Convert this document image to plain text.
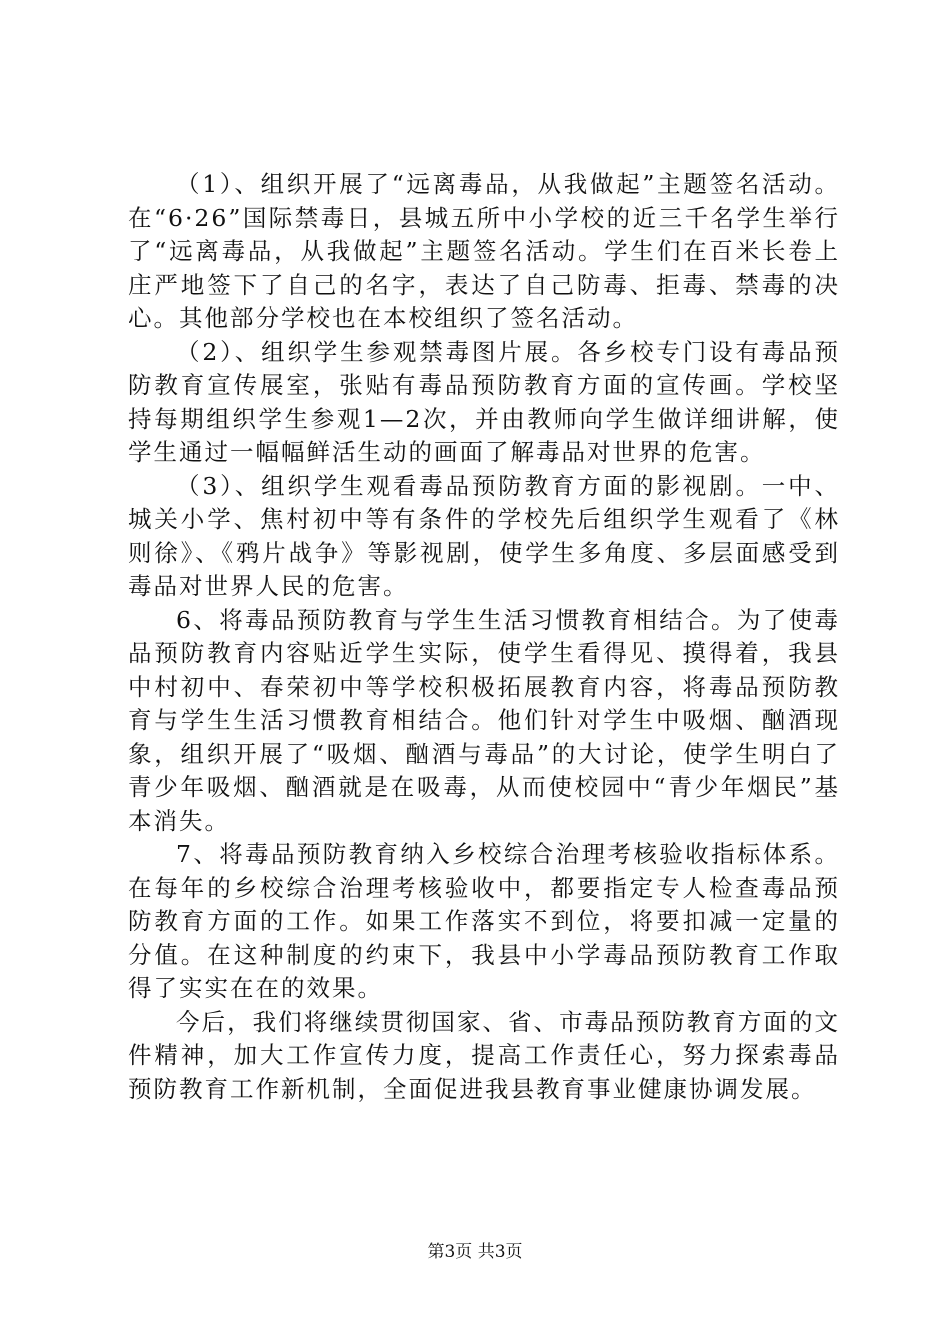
（1）、组织开展了“远离毒品，从我做起”主题签名活动。在“6·26”国际禁毒日，县城五所中小学校的近三千名学生举行了“远离毒品，从我做起”主题签名活动。学生们在百米长卷上庄严地签下了自己的名字，表达了自己防毒、拒毒、禁毒的决心。其他部分学校也在本校组织了签名活动。

（2）、组织学生参观禁毒图片展。各乡校专门设有毒品预防教育宣传展室，张贴有毒品预防教育方面的宣传画。学校坚持每期组织学生参观1—2次，并由教师向学生做详细讲解，使学生通过一幅幅鲜活生动的画面了解毒品对世界的危害。

（3）、组织学生观看毒品预防教育方面的影视剧。一中、城关小学、焦村初中等有条件的学校先后组织学生观看了《林则徐》、《鸦片战争》等影视剧，使学生多角度、多层面感受到毒品对世界人民的危害。

6、将毒品预防教育与学生生活习惯教育相结合。为了使毒品预防教育内容贴近学生实际，使学生看得见、摸得着，我县中村初中、春荣初中等学校积极拓展教育内容，将毒品预防教育与学生生活习惯教育相结合。他们针对学生中吸烟、酗酒现象，组织开展了“吸烟、酗酒与毒品”的大讨论，使学生明白了青少年吸烟、酗酒就是在吸毒，从而使校园中“青少年烟民”基本消失。

7、将毒品预防教育纳入乡校综合治理考核验收指标体系。在每年的乡校综合治理考核验收中，都要指定专人检查毒品预防教育方面的工作。如果工作落实不到位，将要扣减一定量的分值。在这种制度的约束下，我县中小学毒品预防教育工作取得了实实在在的效果。

今后，我们将继续贯彻国家、省、市毒品预防教育方面的文件精神，加大工作宣传力度，提高工作责任心，努力探索毒品预防教育工作新机制，全面促进我县教育事业健康协调发展。

第3页 共3页
